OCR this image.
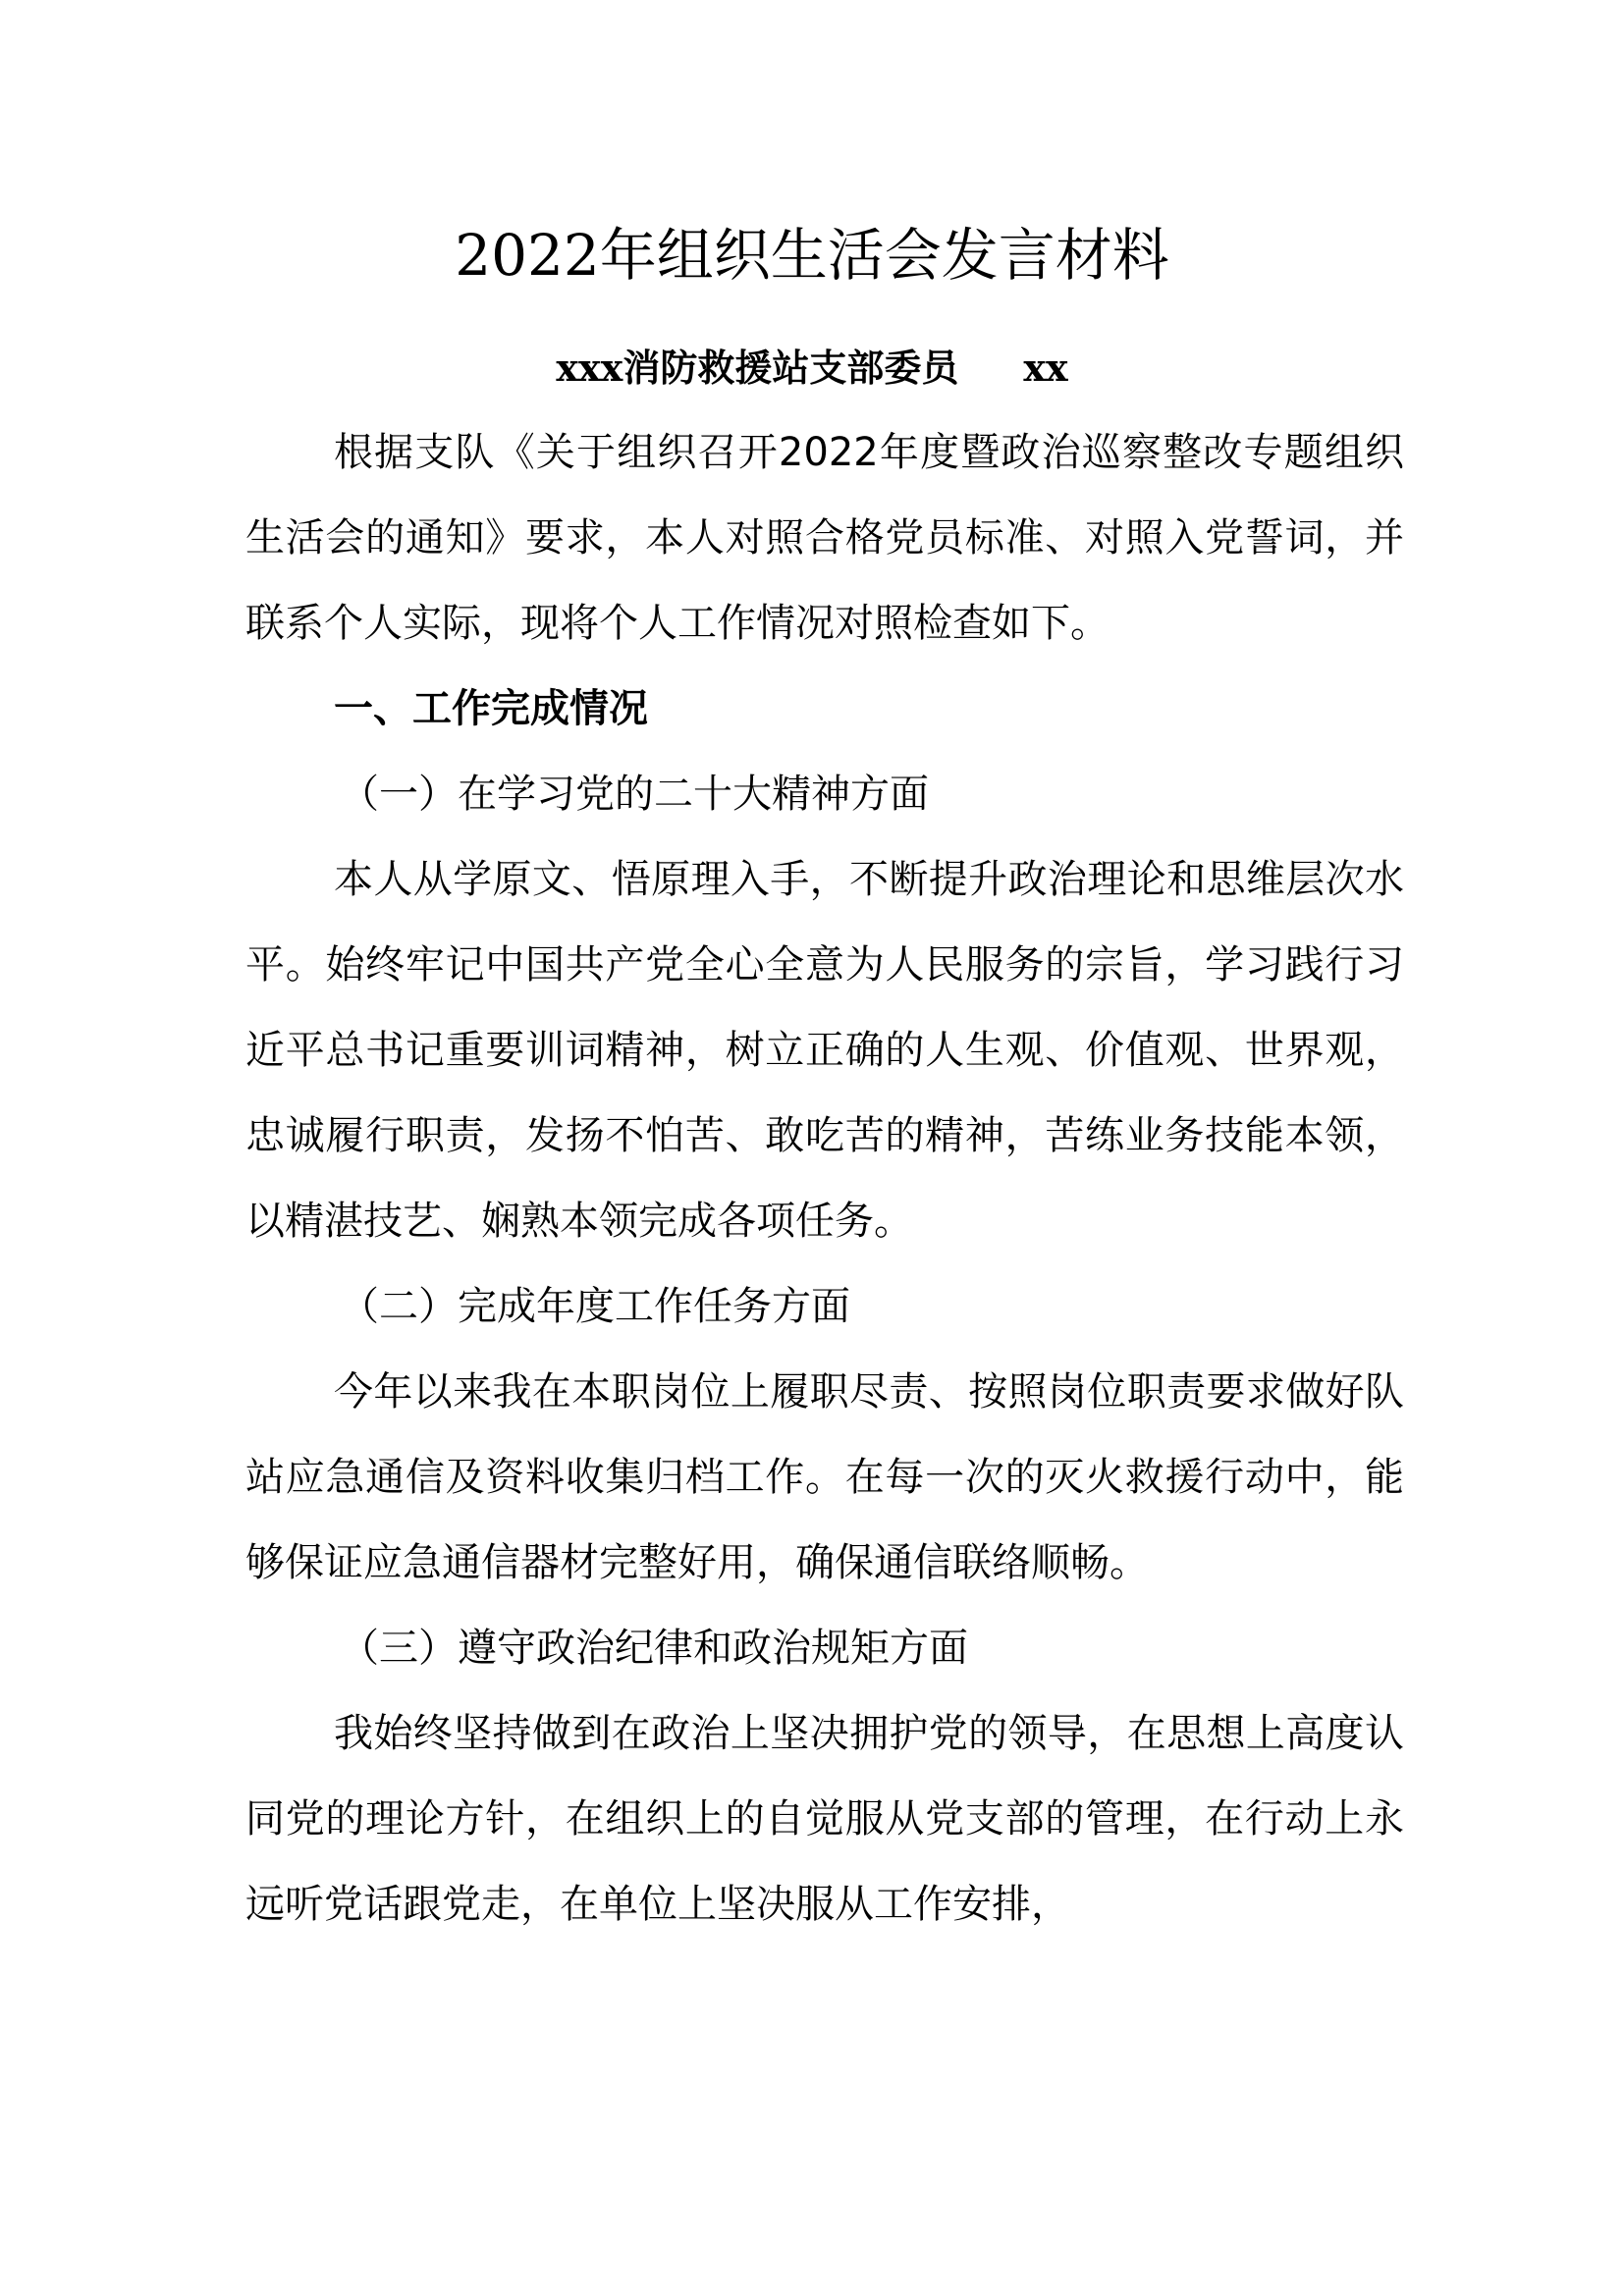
2022年组织生活会发言材料
xxx消防救援站支部委员 xx

根据支队《关于组织召开2022年度暨政治巡察整改专题组织生活会的通知》要求，本人对照合格党员标准、对照入党誓词，并联系个人实际，现将个人工作情况对照检查如下。

一、工作完成情况

（一）在学习党的二十大精神方面

本人从学原文、悟原理入手，不断提升政治理论和思维层次水平。始终牢记中国共产党全心全意为人民服务的宗旨，学习践行习近平总书记重要训词精神，树立正确的人生观、价值观、世界观，忠诚履行职责，发扬不怕苦、敢吃苦的精神，苦练业务技能本领，以精湛技艺、娴熟本领完成各项任务。

（二）完成年度工作任务方面

今年以来我在本职岗位上履职尽责、按照岗位职责要求做好队站应急通信及资料收集归档工作。在每一次的灭火救援行动中，能够保证应急通信器材完整好用，确保通信联络顺畅。

（三）遵守政治纪律和政治规矩方面

我始终坚持做到在政治上坚决拥护党的领导，在思想上高度认同党的理论方针，在组织上的自觉服从党支部的管理，在行动上永远听党话跟党走，在单位上坚决服从工作安排，
